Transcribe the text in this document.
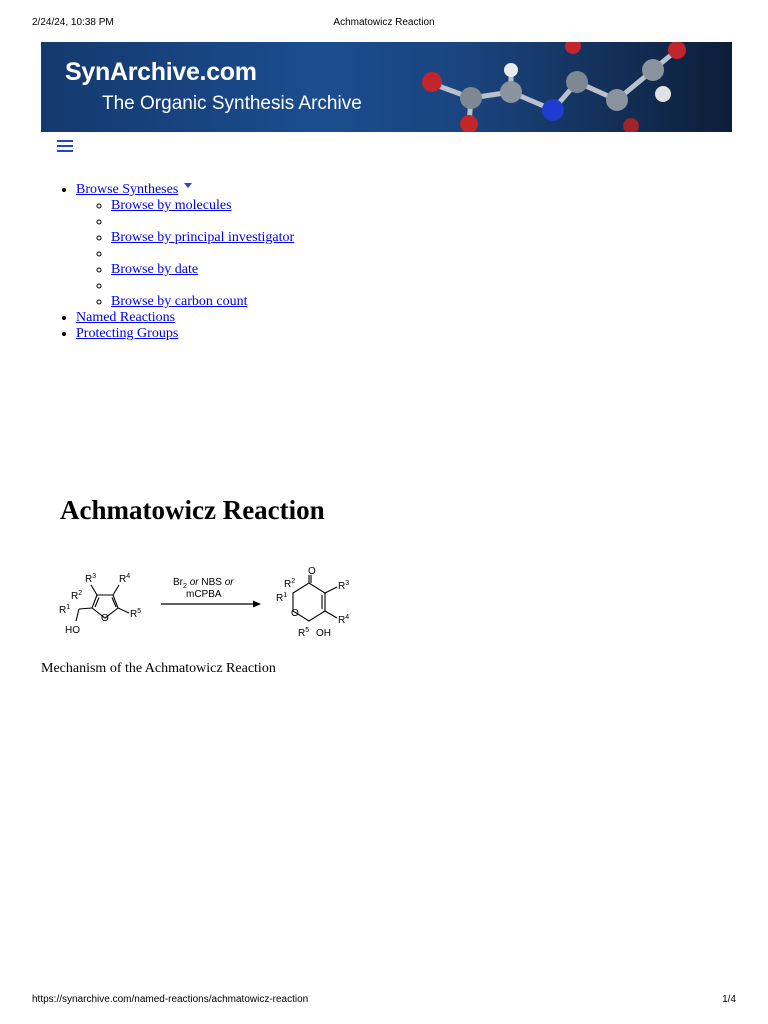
2/24/24, 10:38 PM	Achmatowicz Reaction
SynArchive.com
The Organic Synthesis Archive
• Browse Syntheses
◦ Browse by molecules
◦
◦ Browse by principal investigator
◦
◦ Browse by date
◦
◦ Browse by carbon count
• Named Reactions
• Protecting Groups
Achmatowicz Reaction
$R^3$ $R^4$
$R^2$
$R^1$
O $R^5$
HO
$Br_2$ or NBS or
mCPBA
O
$R^2$
$R^1$
$R^3$
O
$R^4$
$R^5$ OH
Mechanism of the Achmatowicz Reaction
https://synarchive.com/named-reactions/achmatowicz-reaction	1/4
